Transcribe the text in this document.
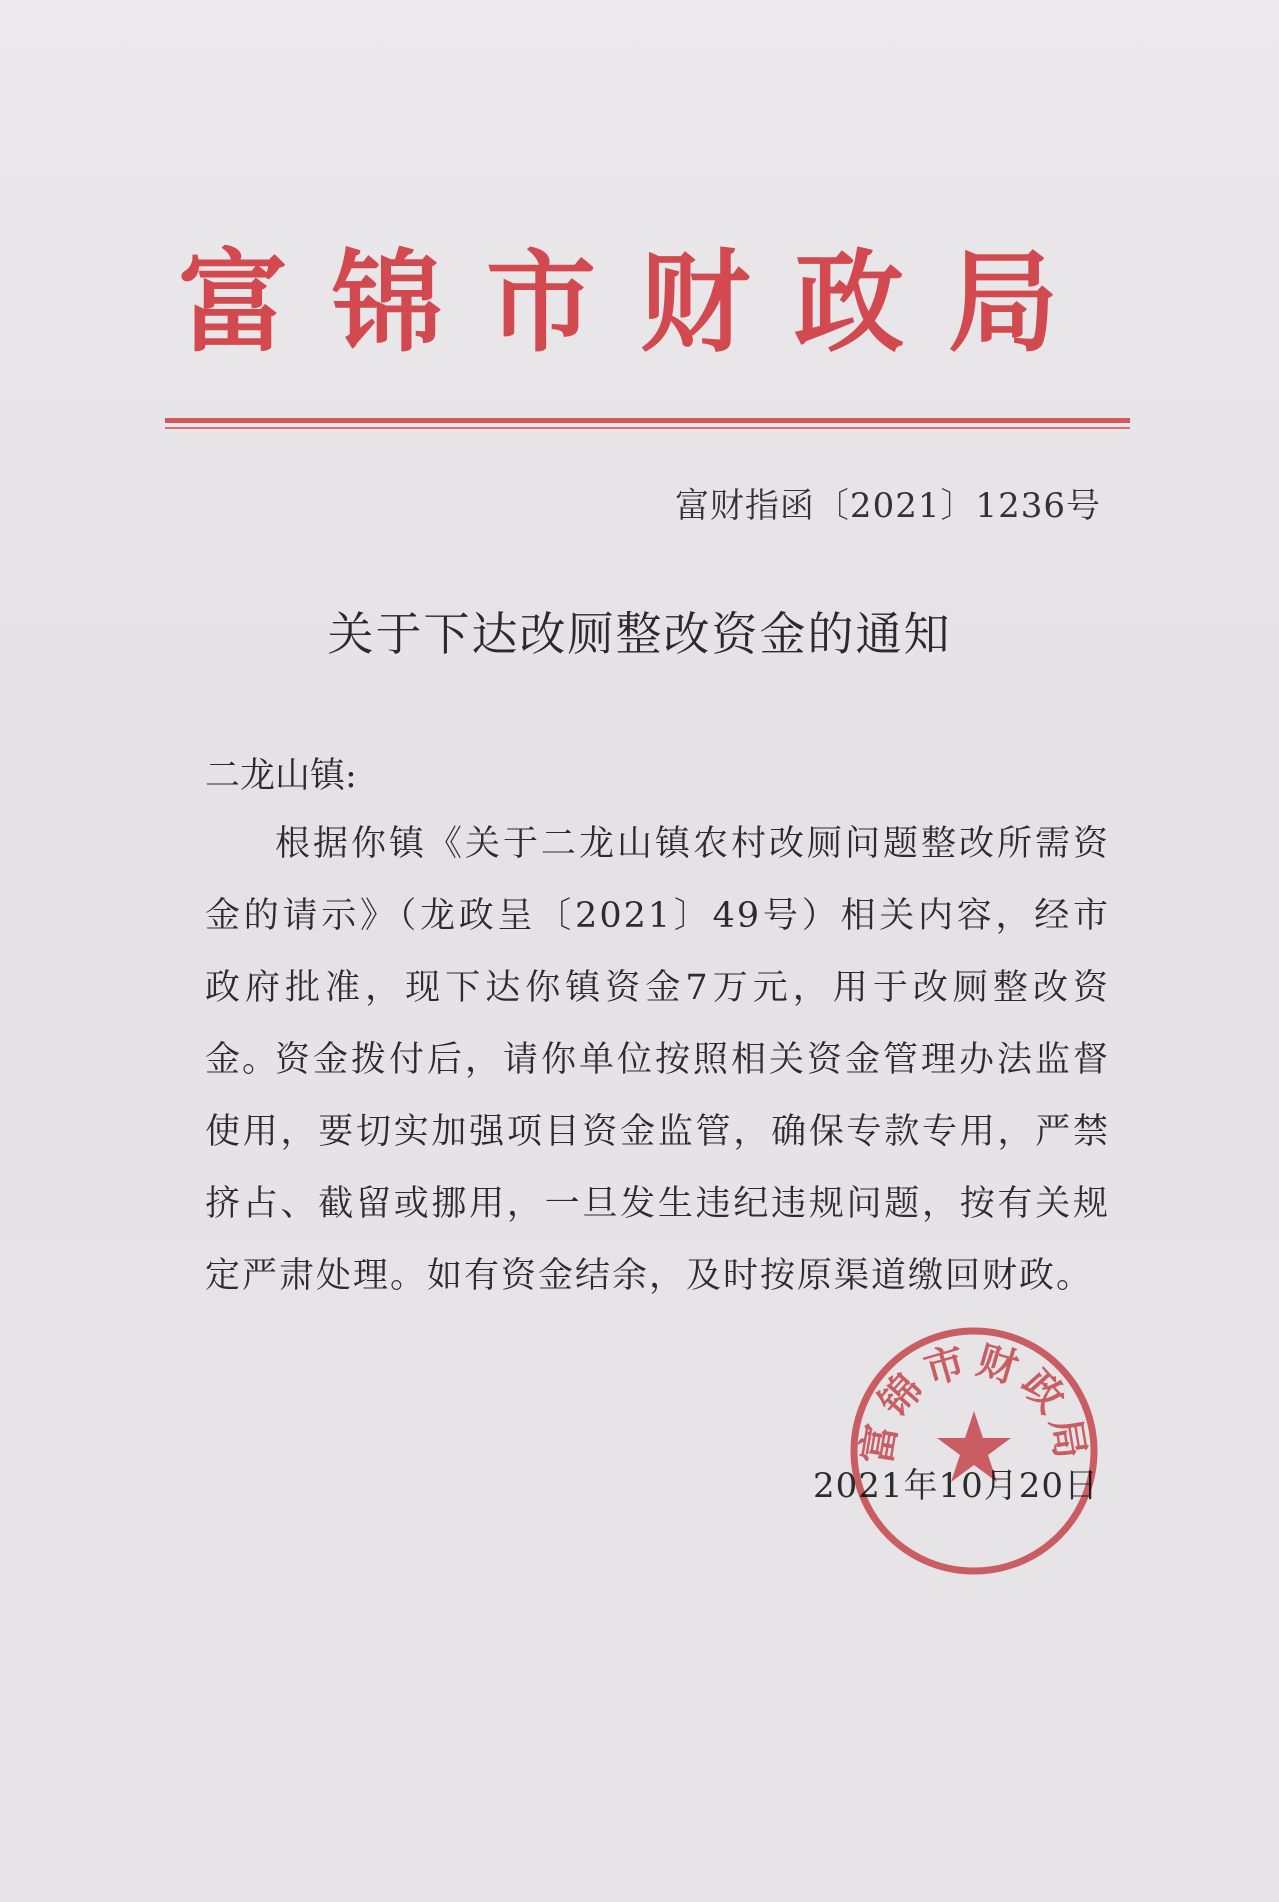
富锦市财政局
富财指函〔2021〕1236号
关于下达改厕整改资金的通知
二龙山镇:
根据你镇《关于二龙山镇农村改厕问题整改所需资金的请示》（龙政呈〔2021〕49号）相关内容，经市政府批准，现下达你镇资金7万元，用于改厕整改资金。
资金拨付后，请你单位按照相关资金管理办法监督使用，要切实加强项目资金监管，确保专款专用，严禁挤占、截留或挪用，一旦发生违纪违规问题，按有关规定严肃处理。如有资金结余，及时按原渠道缴回财政。
2021年10月20日
富锦市财政局
